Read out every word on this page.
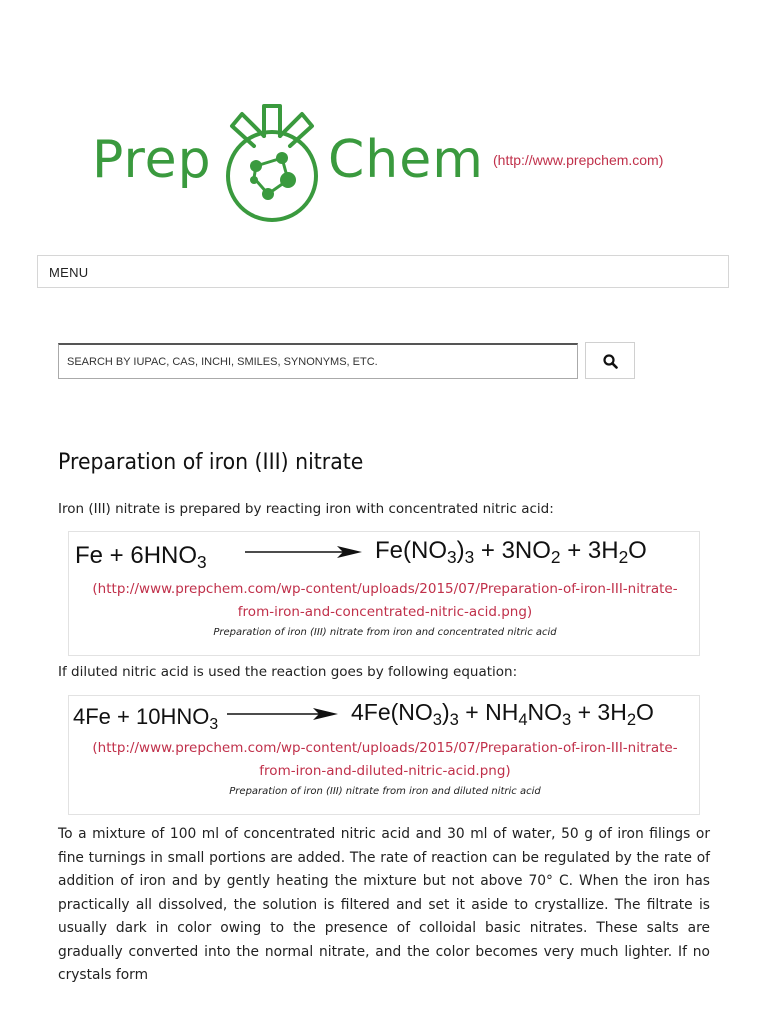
Prep Chem (http://www.prepchem.com)
MENU
SEARCH BY IUPAC, CAS, INCHI, SMILES, SYNONYMS, ETC.
Preparation of iron (III) nitrate

Iron (III) nitrate is prepared by reacting iron with concentrated nitric acid:

$Fe + 6HNO_3$	$Fe(NO_3)_3 + 3NO_2 + 3H_2O$
(http://www.prepchem.com/wp-content/uploads/2015/07/Preparation-of-iron-III-nitrate-from-iron-and-concentrated-nitric-acid.png)
Preparation of iron (III) nitrate from iron and concentrated nitric acid

If diluted nitric acid is used the reaction goes by following equation:

$4Fe + 10HNO_3$	$4Fe(NO_3)_3 + NH_4NO_3 + 3H_2O$
(http://www.prepchem.com/wp-content/uploads/2015/07/Preparation-of-iron-III-nitrate-from-iron-and-diluted-nitric-acid.png)
Preparation of iron (III) nitrate from iron and diluted nitric acid

To a mixture of 100 ml of concentrated nitric acid and 30 ml of water, 50 g of iron filings or fine turnings in small portions are added. The rate of reaction can be regulated by the rate of addition of iron and by gently heating the mixture but not above 70° C. When the iron has practically all dissolved, the solution is filtered and set it aside to crystallize. The filtrate is usually dark in color owing to the presence of colloidal basic nitrates. These salts are gradually converted into the normal nitrate, and the color becomes very much lighter. If no crystals form
